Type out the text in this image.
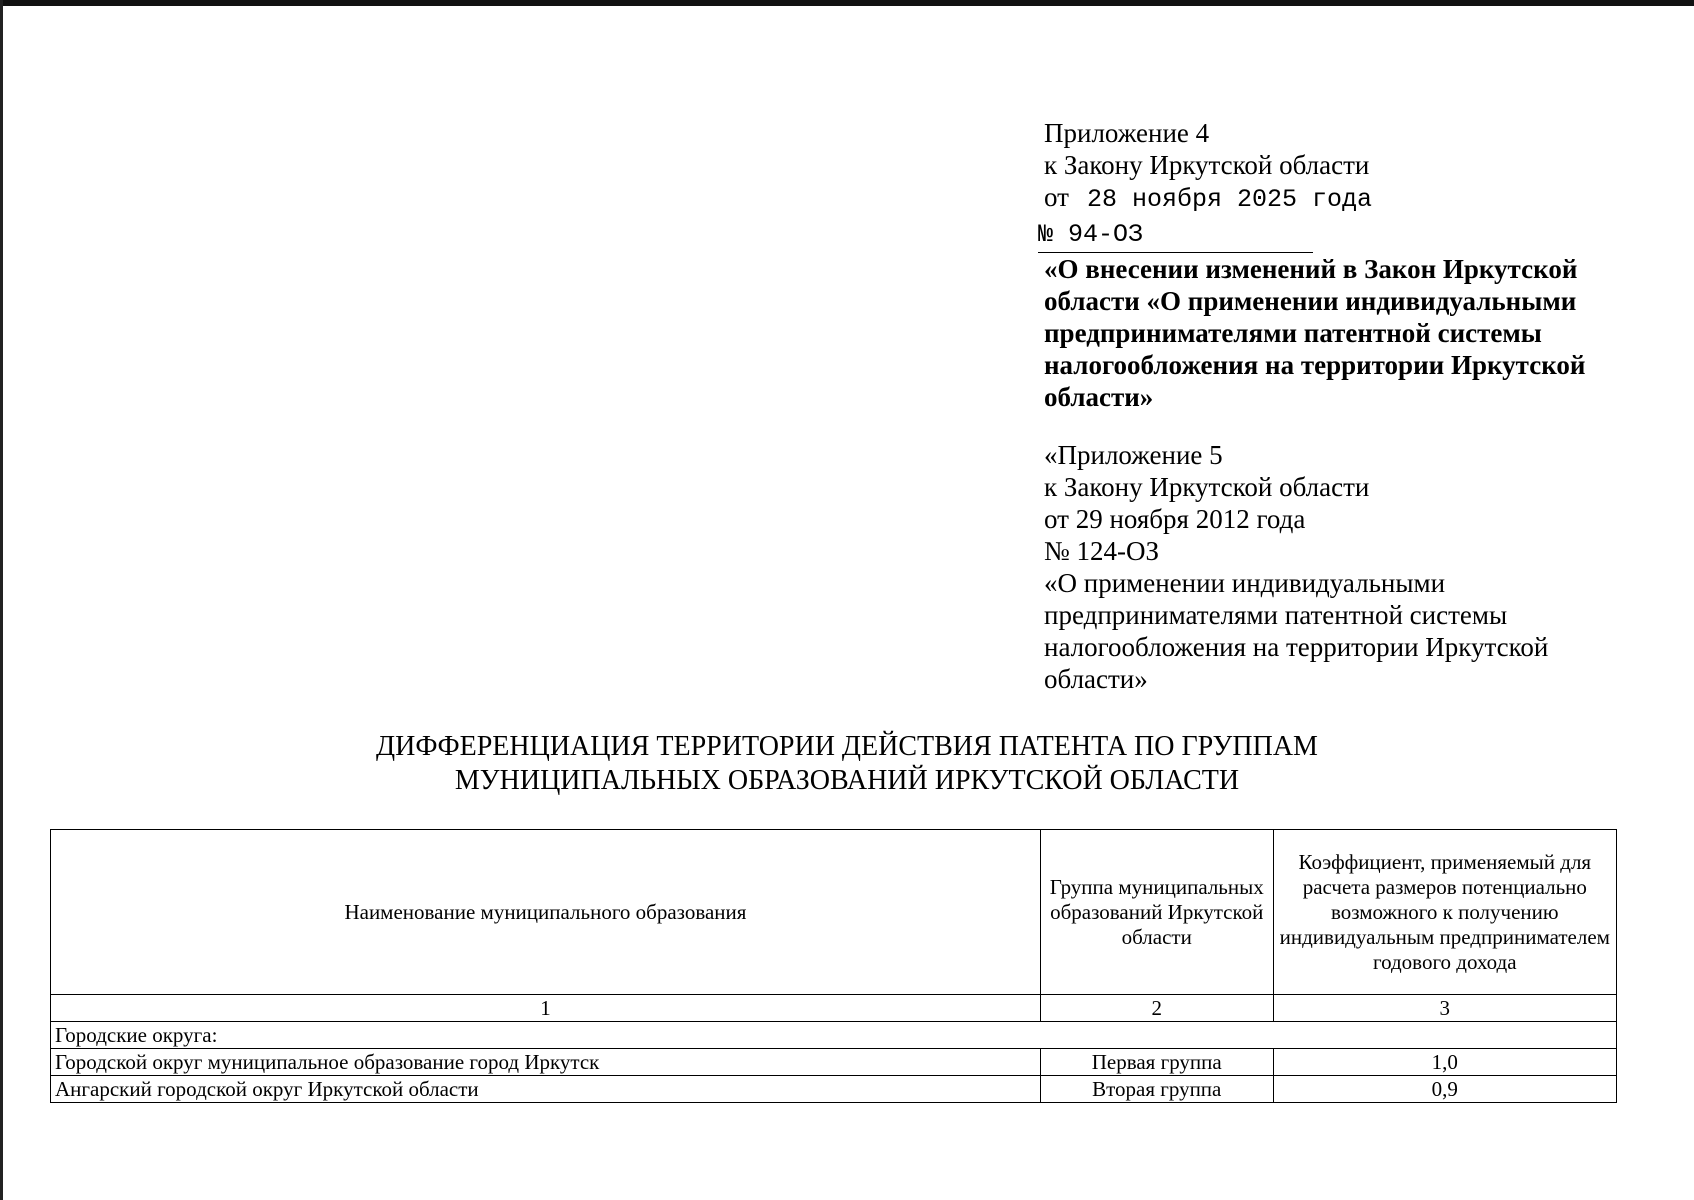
Приложение 4
к Закону Иркутской области
от 28 ноября 2025 года
№ 94-ОЗ
«О внесении изменений в Закон Иркутской области «О применении индивидуальными предпринимателями патентной системы налогообложения на территории Иркутской области»
«Приложение 5
к Закону Иркутской области
от 29 ноября 2012 года
№ 124-ОЗ
«О применении индивидуальными предпринимателями патентной системы налогообложения на территории Иркутской области»
ДИФФЕРЕНЦИАЦИЯ ТЕРРИТОРИИ ДЕЙСТВИЯ ПАТЕНТА ПО ГРУППАМ
МУНИЦИПАЛЬНЫХ ОБРАЗОВАНИЙ ИРКУТСКОЙ ОБЛАСТИ
Наименование муниципального образования	Группа муниципальных образований Иркутской области	Коэффициент, применяемый для расчета размеров потенциально возможного к получению индивидуальным предпринимателем годового дохода
1	2	3
Городские округа:		
Городской округ муниципальное образование город Иркутск	Первая группа	1,0
Ангарский городской округ Иркутской области	Вторая группа	0,9
